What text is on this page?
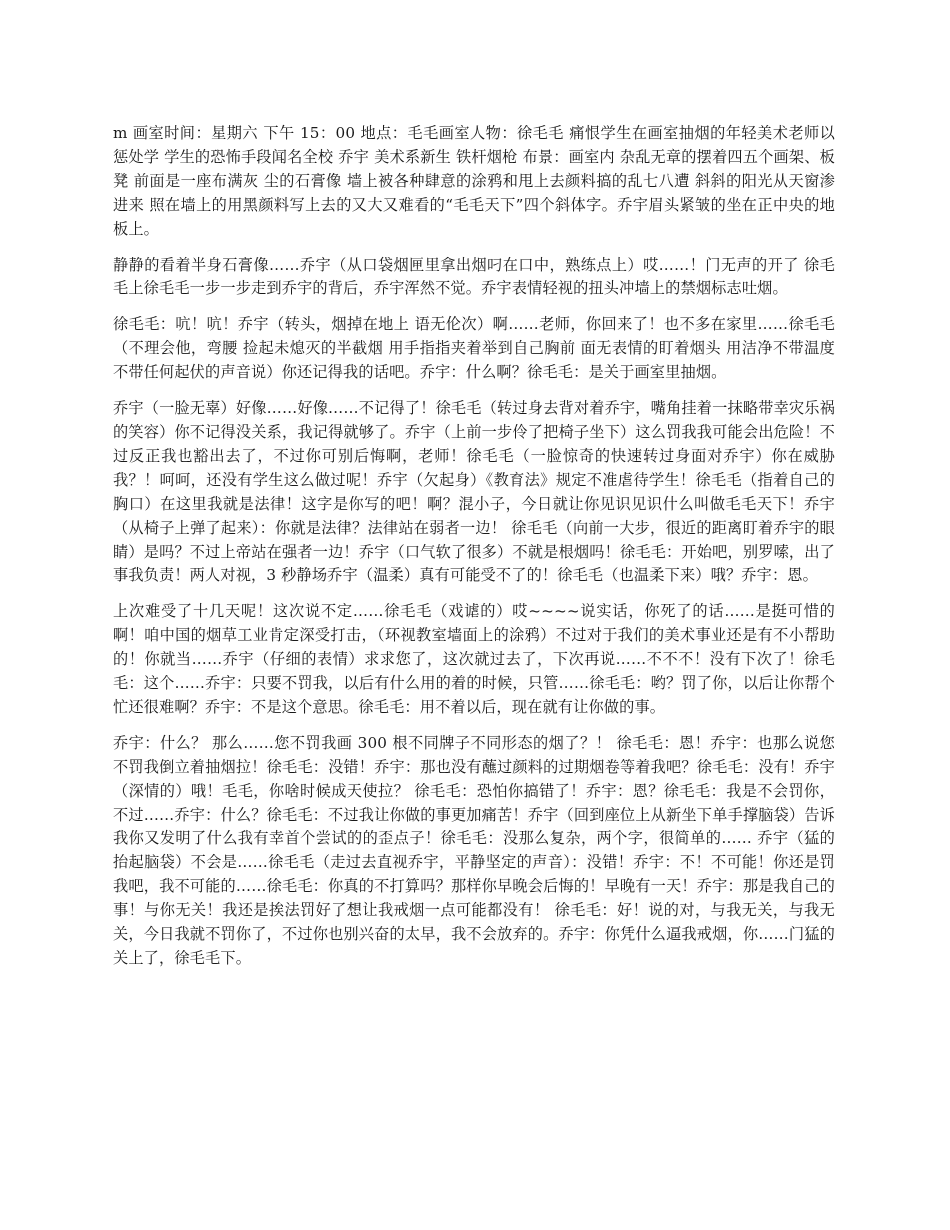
m 画室时间：星期六 下午 15：00 地点：毛毛画室人物：徐毛毛 痛恨学生在画室抽烟的年轻美术老师以惩处学 学生的恐怖手段闻名全校 乔宇 美术系新生 铁杆烟枪 布景：画室内 杂乱无章的摆着四五个画架、板凳 前面是一座布满灰 尘的石膏像 墙上被各种肆意的涂鸦和甩上去颜料搞的乱七八遭 斜斜的阳光从天窗渗进来 照在墙上的用黑颜料写上去的又大又难看的“毛毛天下”四个斜体字。乔宇眉头紧皱的坐在正中央的地板上。

静静的看着半身石膏像……乔宇（从口袋烟匣里拿出烟叼在口中，熟练点上）哎……！门无声的开了 徐毛毛上徐毛毛一步一步走到乔宇的背后，乔宇浑然不觉。乔宇表情轻视的扭头冲墙上的禁烟标志吐烟。

徐毛毛：吭！吭！乔宇（转头，烟掉在地上 语无伦次）啊……老师，你回来了！也不多在家里……徐毛毛 （不理会他，弯腰 捡起未熄灭的半截烟 用手指指夹着举到自己胸前 面无表情的盯着烟头 用洁净不带温度不带任何起伏的声音说）你还记得我的话吧。乔宇：什么啊？徐毛毛：是关于画室里抽烟。

乔宇（一脸无辜）好像……好像……不记得了！徐毛毛（转过身去背对着乔宇，嘴角挂着一抹略带幸灾乐祸的笑容）你不记得没关系，我记得就够了。乔宇（上前一步伶了把椅子坐下）这么罚我我可能会出危险！不过反正我也豁出去了，不过你可别后悔啊，老师！徐毛毛（一脸惊奇的快速转过身面对乔宇）你在威胁我？！呵呵，还没有学生这么做过呢！乔宇（欠起身）《教育法》规定不准虐待学生！徐毛毛（指着自己的胸口）在这里我就是法律！这字是你写的吧！啊？混小子，今日就让你见识见识什么叫做毛毛天下！乔宇（从椅子上弹了起来）：你就是法律？法律站在弱者一边！ 徐毛毛（向前一大步，很近的距离盯着乔宇的眼睛）是吗？不过上帝站在强者一边！乔宇（口气软了很多）不就是根烟吗！徐毛毛：开始吧，别罗嗦，出了事我负责！两人对视，3 秒静场乔宇（温柔）真有可能受不了的！徐毛毛（也温柔下来）哦？乔宇：恩。

上次难受了十几天呢！这次说不定……徐毛毛（戏谑的）哎~~~~说实话，你死了的话……是挺可惜的啊！咱中国的烟草工业肯定深受打击，（环视教室墙面上的涂鸦）不过对于我们的美术事业还是有不小帮助的！你就当……乔宇（仔细的表情）求求您了，这次就过去了，下次再说……不不不！没有下次了！徐毛毛：这个……乔宇：只要不罚我，以后有什么用的着的时候，只管……徐毛毛：哟？罚了你，以后让你帮个忙还很难啊？乔宇：不是这个意思。徐毛毛：用不着以后，现在就有让你做的事。

乔宇：什么？ 那么……您不罚我画 300 根不同牌子不同形态的烟了？！ 徐毛毛：恩！乔宇：也那么说您不罚我倒立着抽烟拉！徐毛毛：没错！乔宇：那也没有蘸过颜料的过期烟卷等着我吧？徐毛毛：没有！乔宇（深情的）哦！毛毛，你啥时候成天使拉？ 徐毛毛：恐怕你搞错了！乔宇：恩？徐毛毛：我是不会罚你，不过……乔宇：什么？徐毛毛：不过我让你做的事更加痛苦！乔宇（回到座位上从新坐下单手撑脑袋）告诉我你又发明了什么我有幸首个尝试的的歪点子！徐毛毛：没那么复杂，两个字，很简单的…… 乔宇（猛的抬起脑袋）不会是……徐毛毛（走过去直视乔宇，平静坚定的声音）：没错！乔宇：不！不可能！你还是罚我吧，我不可能的……徐毛毛：你真的不打算吗？那样你早晚会后悔的！早晚有一天！乔宇：那是我自己的事！与你无关！我还是挨法罚好了想让我戒烟一点可能都没有！ 徐毛毛：好！说的对，与我无关，与我无关，今日我就不罚你了，不过你也别兴奋的太早，我不会放弃的。乔宇：你凭什么逼我戒烟，你……门猛的关上了，徐毛毛下。
